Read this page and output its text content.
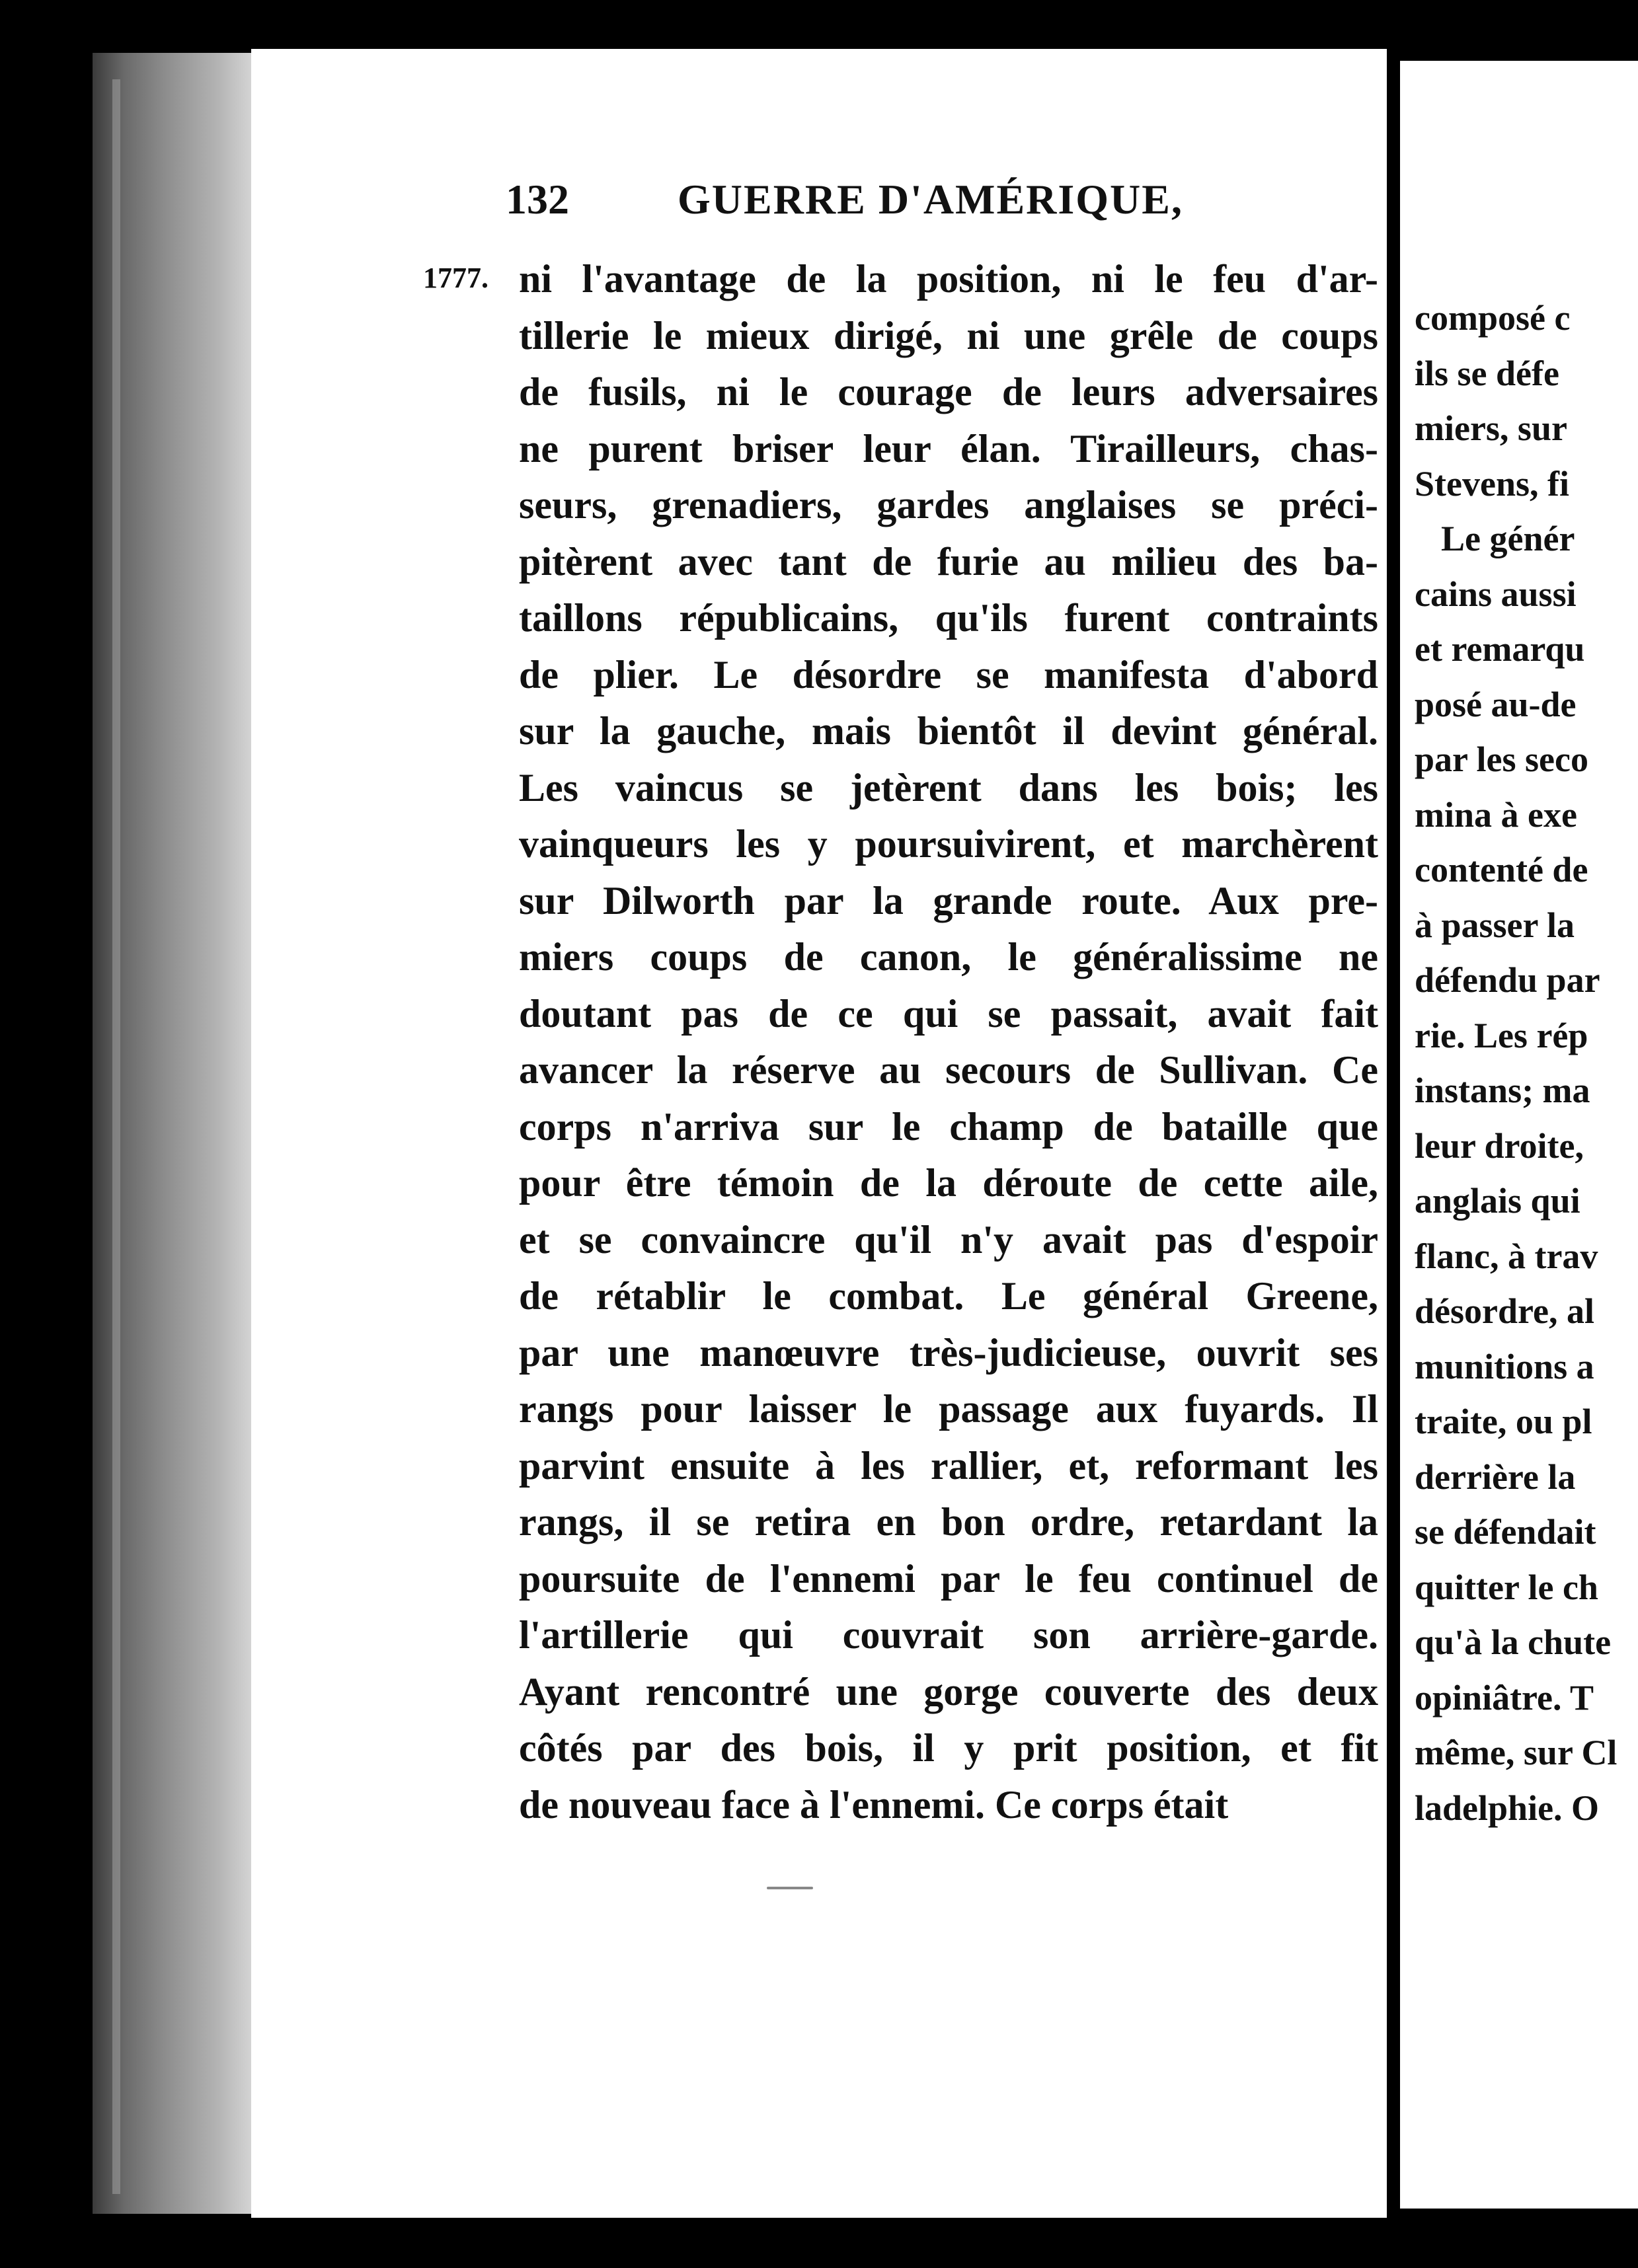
132	GUERRE D'AMÉRIQUE,
1777. ni l'avantage de la position, ni le feu d'ar-
tillerie le mieux dirigé, ni une grêle de coups
de fusils, ni le courage de leurs adversaires
ne purent briser leur élan. Tirailleurs, chas-
seurs, grenadiers, gardes anglaises se préci-
pitèrent avec tant de furie au milieu des ba-
taillons républicains, qu'ils furent contraints
de plier. Le désordre se manifesta d'abord
sur la gauche, mais bientôt il devint général.
Les vaincus se jetèrent dans les bois; les
vainqueurs les y poursuivirent, et marchèrent
sur Dilworth par la grande route. Aux pre-
miers coups de canon, le généralissime ne
doutant pas de ce qui se passait, avait fait
avancer la réserve au secours de Sullivan. Ce
corps n'arriva sur le champ de bataille que
pour être témoin de la déroute de cette aile,
et se convaincre qu'il n'y avait pas d'espoir
de rétablir le combat. Le général Greene,
par une manœuvre très-judicieuse, ouvrit ses
rangs pour laisser le passage aux fuyards. Il
parvint ensuite à les rallier, et, reformant les
rangs, il se retira en bon ordre, retardant la
poursuite de l'ennemi par le feu continuel de
l'artillerie qui couvrait son arrière-garde.
Ayant rencontré une gorge couverte des deux
côtés par des bois, il y prit position, et fit
de nouveau face à l'ennemi. Ce corps était
composé c
ils se défe
miers, sur
Stevens, fi
Le génér
cains aussi
et remarqu
posé au-de
par les seco
mina à exe
contenté de
à passer la
défendu par
rie. Les rép
instans; ma
leur droite,
anglais qui
flanc, à trav
désordre, al
munitions a
traite, ou pl
derrière la
se défendait
quitter le ch
qu'à la chute
opiniâtre. T
même, sur Cl
ladelphie. O
